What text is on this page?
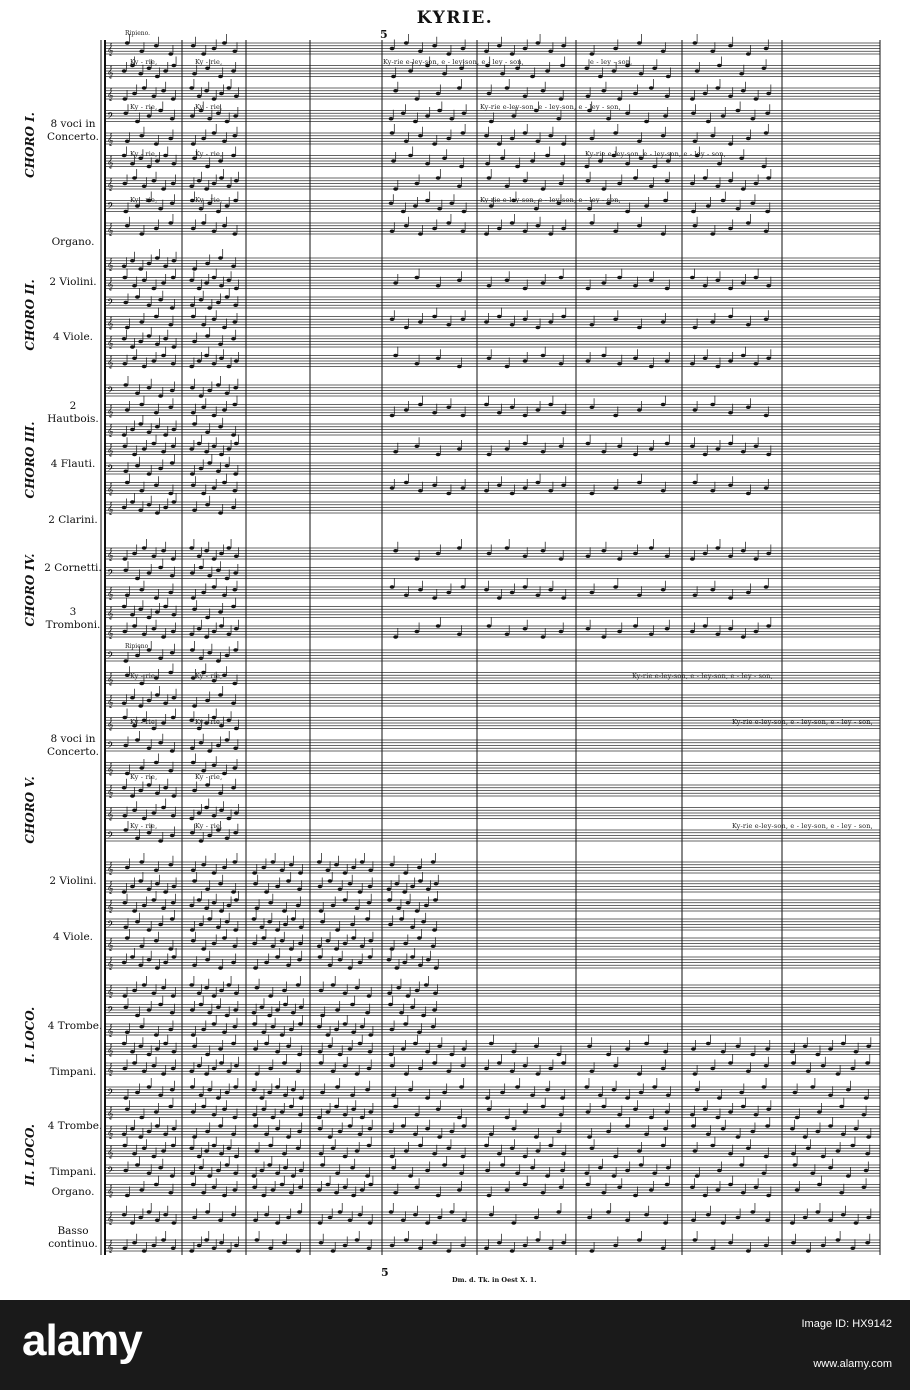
𝄞
𝄞
𝄞
𝄢
𝄞
𝄞
𝄞
𝄢
𝄞
𝄞
𝄞
𝄢
𝄞
𝄞
𝄞
𝄢
𝄞
𝄞
𝄞
𝄢
𝄞
𝄞
𝄞
𝄢
𝄞
𝄞
𝄞
𝄢
𝄞
𝄞
𝄞
𝄢
𝄞
𝄞
𝄞
𝄢
𝄞
𝄞
𝄞
𝄢
𝄞
𝄞
𝄞
𝄢
𝄞
𝄞
𝄞
𝄢
𝄞
𝄞
𝄞
𝄢
𝄞
𝄞
𝄞
KYRIE.
5
5
Ripieno.
Ripieno
CHORO I.
CHORO II.
CHORO III.
CHORO IV.
CHORO V.
I. LOCO.
II. LOCO.
8 voci in Concerto.
Organo.
2 Violini.
4 Viole.
2 Hautbois.
4 Flauti.
2 Clarini.
2 Cornetti.
3 Tromboni.
8 voci in Concerto.
2 Violini.
4 Viole.
4 Trombe.
Timpani.
4 Trombe.
Timpani.
Organo.
Basso continuo.
Ky - rie,	Ky - rie,	Ky-rie e-ley-son, e - ley-son, e - ley - son,	e - ley - son,
Ky - rie,	Ky - rie,	Ky-rie e-ley-son, e - ley-son, e - ley - son,
Ky - rie,	Ky - rie,	Ky-rie e-ley-son, e - ley-son, e - ley - son,
Ky - rie,	Ky - rie,	Ky-rie e-ley-son, e - ley-son, e - ley - son,
Ky - rie,	Ky - rie,	Ky-rie e-ley-son, e - ley-son, e - ley - son,
Ky - rie,	Ky - rie,	Ky-rie e-ley-son, e - ley-son, e - ley - son,
Ky - rie,	Ky - rie,
Ky - rie,	Ky - rie,	Ky-rie e-ley-son, e - ley-son, e - ley - son,
Dm. d. Tk. in Oest X. 1.
alamy	Image ID: HX9142
www.alamy.com
